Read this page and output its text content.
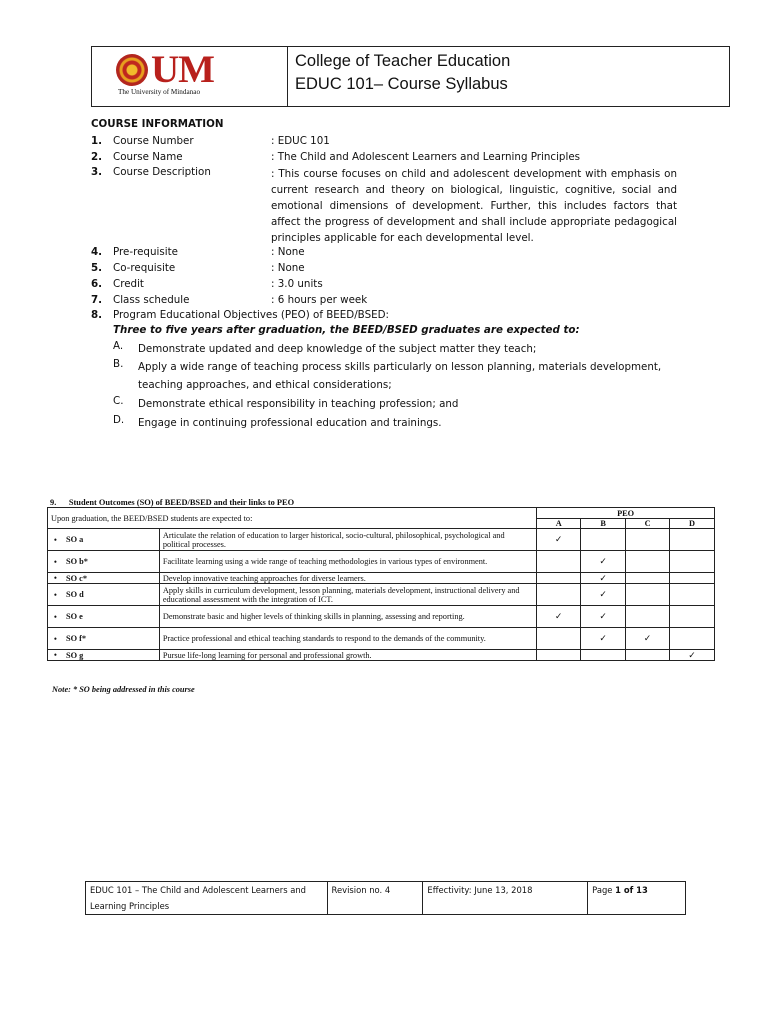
UM
The University of Mindanao
College of Teacher Education
EDUC 101– Course Syllabus
COURSE INFORMATION
1. Course Number	: EDUC 101
2. Course Name	: The Child and Adolescent Learners and Learning Principles
3. Course Description	: This course focuses on child and adolescent development with emphasis on current research and theory on biological, linguistic, cognitive, social and emotional dimensions of development. Further, this includes factors that affect the progress of development and shall include appropriate pedagogical principles applicable for each developmental level.
4. Pre-requisite	: None
5. Co-requisite	: None
6. Credit	: 3.0 units
7. Class schedule	: 6 hours per week
8. Program Educational Objectives (PEO) of BEED/BSED:
Three to five years after graduation, the BEED/BSED graduates are expected to:
A. Demonstrate updated and deep knowledge of the subject matter they teach;
B. Apply a wide range of teaching process skills particularly on lesson planning, materials development, teaching approaches, and ethical considerations;
C. Demonstrate ethical responsibility in teaching profession; and
D. Engage in continuing professional education and trainings.
9.      Student Outcomes (SO) of BEED/BSED and their links to PEO
Upon graduation, the BEED/BSED students are expected to:		PEO			
		A	B	C	D
• SO a	Articulate the relation of education to larger historical, socio-cultural, philosophical, psychological and political processes.	✓			
• SO b*	Facilitate learning using a wide range of teaching methodologies in various types of environment.		✓		
• SO c*	Develop innovative teaching approaches for diverse learners.		✓		
• SO d	Apply skills in curriculum development, lesson planning, materials development, instructional delivery and educational assessment with the integration of ICT.		✓		
• SO e	Demonstrate basic and higher levels of thinking skills in planning, assessing and reporting.	✓	✓		
• SO f*	Practice professional and ethical teaching standards to respond to the demands of the community.		✓	✓	
• SO g	Pursue life-long learning for personal and professional growth.				✓
Note: * SO being addressed in this course
EDUC 101 – The Child and Adolescent Learners and Learning Principles	Revision no. 4	Effectivity: June 13, 2018	Page 1 of 13
